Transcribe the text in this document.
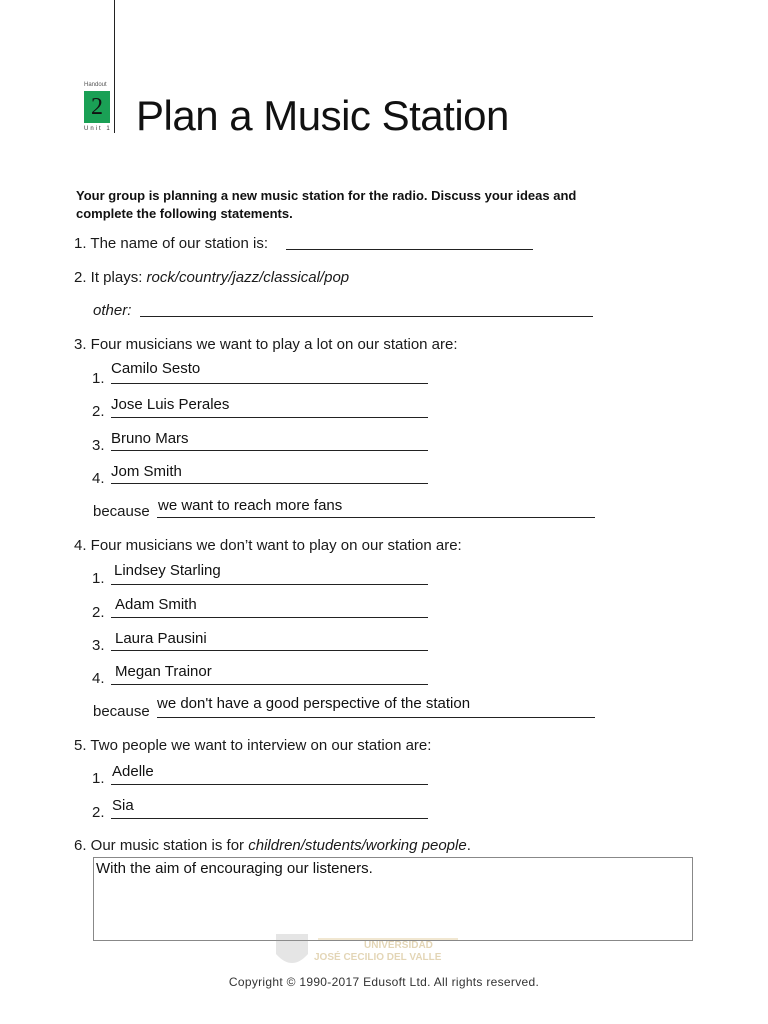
Handout
2
Unit 1 Plan a Music Station
Your group is planning a new music station for the radio. Discuss your ideas and complete the following statements.
1. The name of our station is:
2. It plays: rock/country/jazz/classical/pop
other:
3. Four musicians we want to play a lot on our station are:
1.
Camilo Sesto
2. Jose Luis Perales
3. Bruno Mars
4. Jom Smith
because we want to reach more fans
4. Four musicians we don’t want to play on our station are:
1. Lindsey Starling
2. Adam Smith
3. Laura Pausini
4. Megan Trainor
because we don't have a good perspective of the station
5. Two people we want to interview on our station are:
1. Adelle
2. Sia
6. Our music station is for children/students/working people.
With the aim of encouraging our listeners.
UNIVERSIDAD
JOSÉ CECILIO DEL VALLE
Copyright © 1990-2017 Edusoft Ltd. All rights reserved.
